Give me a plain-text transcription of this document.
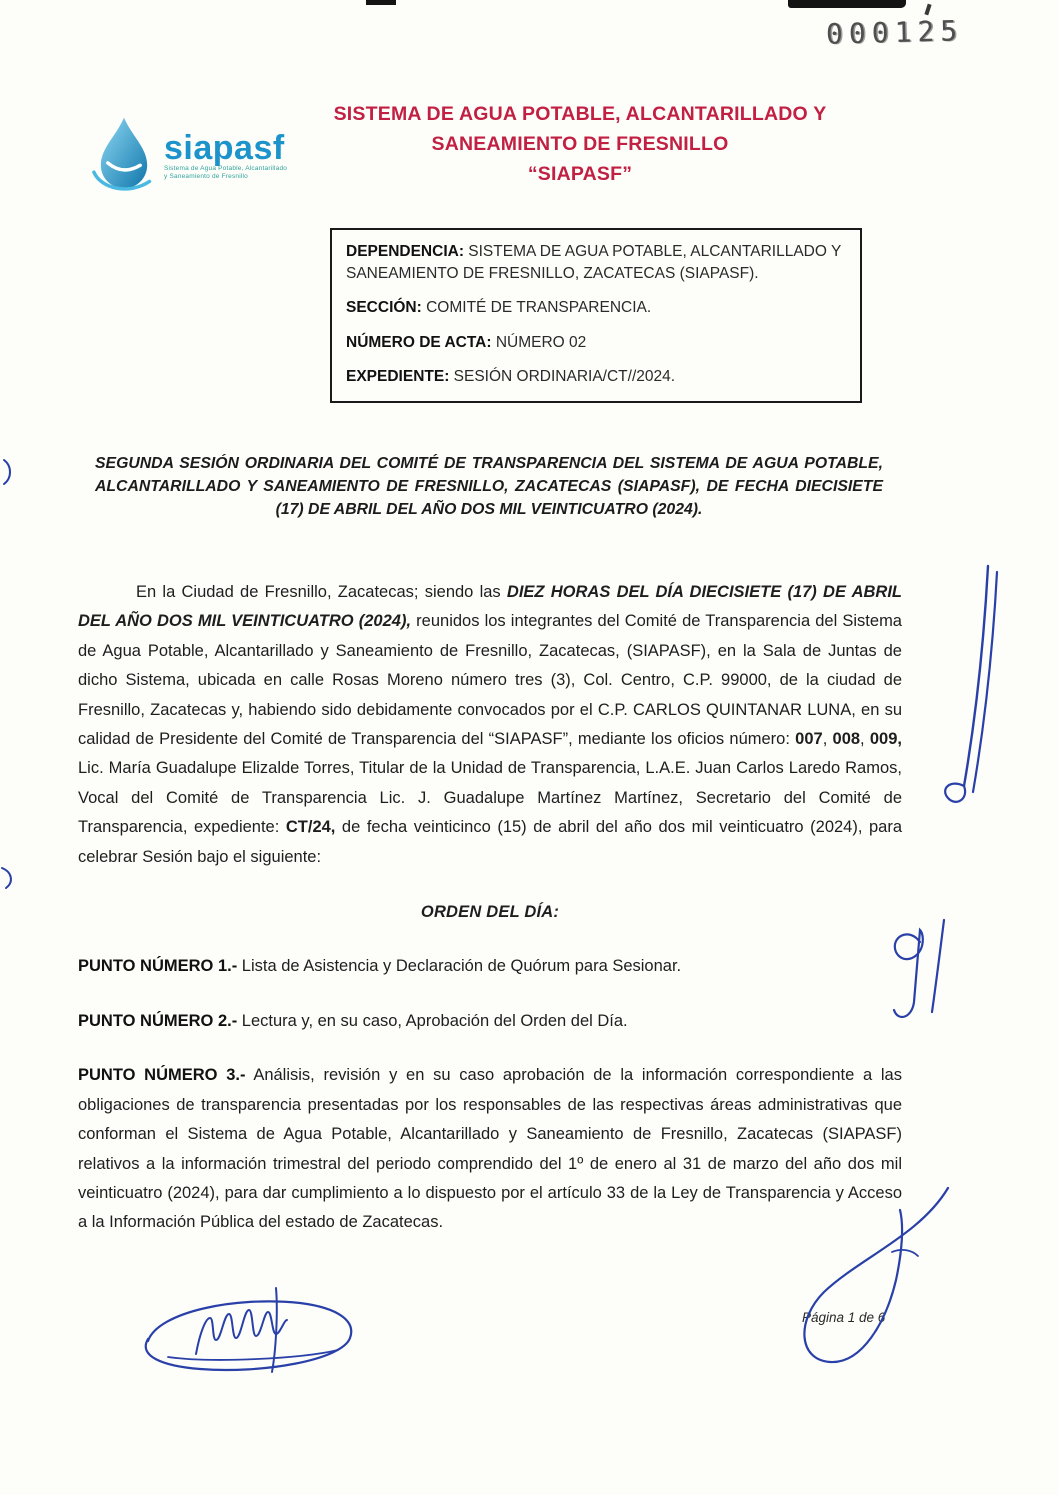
000125
siapasf
Sistema de Agua Potable, Alcantarillado
y Saneamiento de Fresnillo
SISTEMA DE AGUA POTABLE, ALCANTARILLADO Y
SANEAMIENTO DE FRESNILLO
“SIAPASF”

DEPENDENCIA: SISTEMA DE AGUA POTABLE, ALCANTARILLADO Y SANEAMIENTO DE FRESNILLO, ZACATECAS (SIAPASF).

SECCIÓN: COMITÉ DE TRANSPARENCIA.

NÚMERO DE ACTA: NÚMERO 02

EXPEDIENTE: SESIÓN ORDINARIA/CT//2024.

SEGUNDA SESIÓN ORDINARIA DEL COMITÉ DE TRANSPARENCIA DEL SISTEMA DE AGUA POTABLE, ALCANTARILLADO Y SANEAMIENTO DE FRESNILLO, ZACATECAS (SIAPASF), DE FECHA DIECISIETE (17) DE ABRIL DEL AÑO DOS MIL VEINTICUATRO (2024).

En la Ciudad de Fresnillo, Zacatecas; siendo las DIEZ HORAS DEL DÍA DIECISIETE (17) DE ABRIL DEL AÑO DOS MIL VEINTICUATRO (2024), reunidos los integrantes del Comité de Transparencia del Sistema de Agua Potable, Alcantarillado y Saneamiento de Fresnillo, Zacatecas, (SIAPASF), en la Sala de Juntas de dicho Sistema, ubicada en calle Rosas Moreno número tres (3), Col. Centro, C.P. 99000, de la ciudad de Fresnillo, Zacatecas y, habiendo sido debidamente convocados por el C.P. CARLOS QUINTANAR LUNA, en su calidad de Presidente del Comité de Transparencia del “SIAPASF”, mediante los oficios número: 007, 008, 009, Lic. María Guadalupe Elizalde Torres, Titular de la Unidad de Transparencia, L.A.E. Juan Carlos Laredo Ramos, Vocal del Comité de Transparencia Lic. J. Guadalupe Martínez Martínez, Secretario del Comité de Transparencia, expediente: CT/24, de fecha veinticinco (15) de abril del año dos mil veinticuatro (2024), para celebrar Sesión bajo el siguiente:

ORDEN DEL DÍA:

PUNTO NÚMERO 1.- Lista de Asistencia y Declaración de Quórum para Sesionar.

PUNTO NÚMERO 2.- Lectura y, en su caso, Aprobación del Orden del Día.

PUNTO NÚMERO 3.- Análisis, revisión y en su caso aprobación de la información correspondiente a las obligaciones de transparencia presentadas por los responsables de las respectivas áreas administrativas que conforman el Sistema de Agua Potable, Alcantarillado y Saneamiento de Fresnillo, Zacatecas (SIAPASF) relativos a la información trimestral del periodo comprendido del 1º de enero al 31 de marzo del año dos mil veinticuatro (2024), para dar cumplimiento a lo dispuesto por el artículo 33 de la Ley de Transparencia y Acceso a la Información Pública del estado de Zacatecas.

Página 1 de 6
